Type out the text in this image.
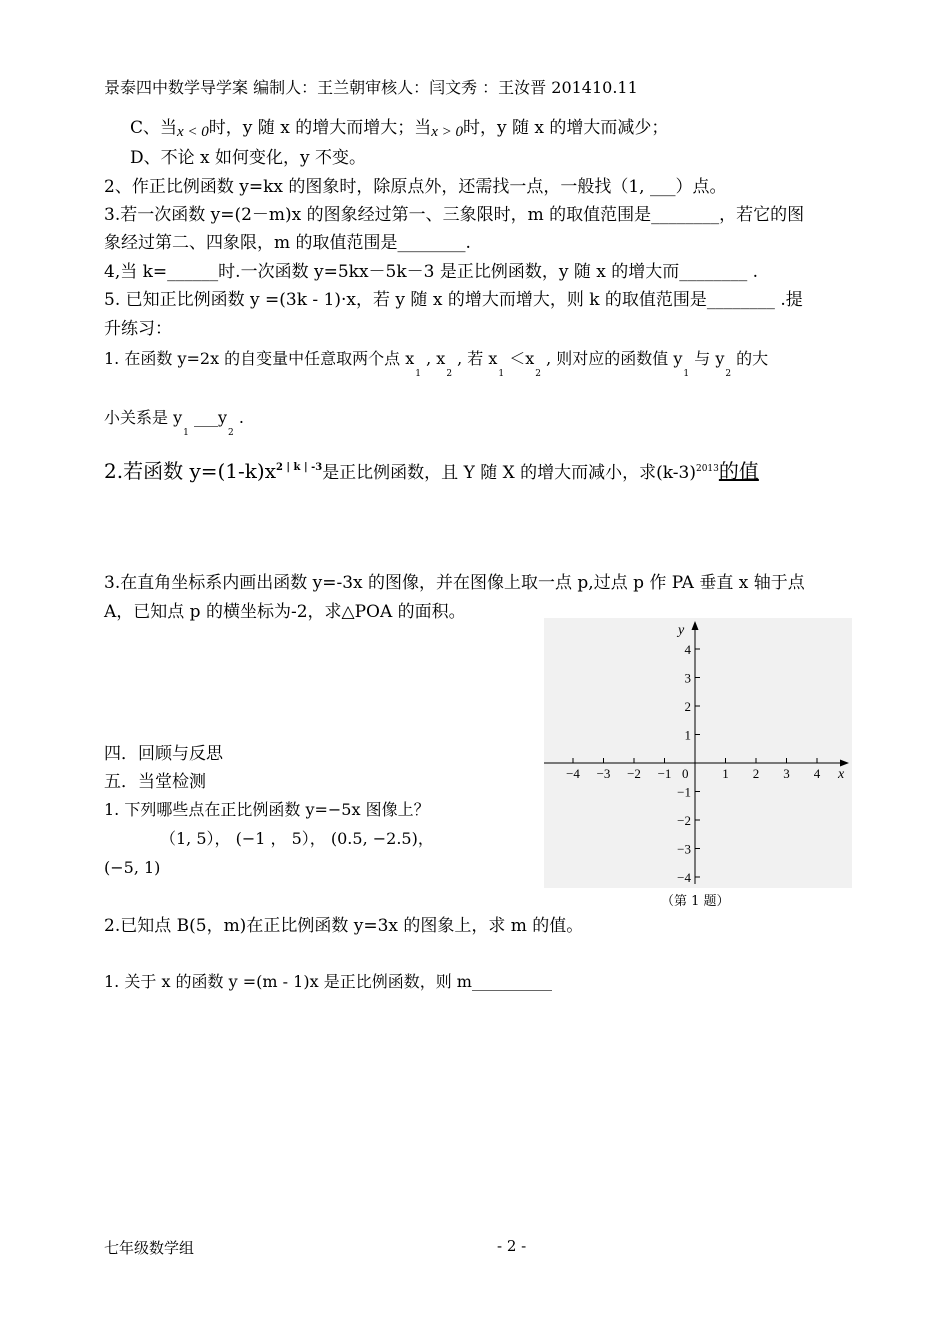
景泰四中数学导学案 编制人：王兰朝审核人：闫文秀 ：王汝晋 201410.11
C、当x < 0时，y 随 x 的增大而增大；当x > 0时，y 随 x 的增大而减少；
D、不论 x 如何变化，y 不变。
2、作正比例函数 y=kx 的图象时，除原点外，还需找一点，一般找（1, ___）点。
3.若一次函数 y=(2－m)x 的图象经过第一、三象限时，m 的取值范围是________，若它的图
象经过第二、四象限，m 的取值范围是________.
4,当 k=______时.一次函数 y=5kx－5k－3 是正比例函数，y 随 x 的增大而________ .
5. 已知正比例函数 y =(3k - 1)·x，若 y 随 x 的增大而增大，则 k 的取值范围是________ .提
升练习：
1. 在函数 y=2x 的自变量中任意取两个点 $x_1$ , $x_2$ , 若 $x_1 <x_2$ , 则对应的函数值 $y_1$ 与 $y_2$ 的大
小关系是 $y_1$ $\_\_\_y_2$ .
2.若函数 $y=(1-k)x^{2 | k | -3}$是正比例函数，且 Y 随 X 的增大而减小，求$(k-3)^{2013}$的值
3.在直角坐标系内画出函数 y=-3x 的图像，并在图像上取一点 p,过点 p 作 PA 垂直 x 轴于点
A，已知点 p 的横坐标为-2，求△POA 的面积。
四．回顾与反思
五．当堂检测
1. 下列哪些点在正比例函数 y=−5x 图像上？
（1, 5）， (−1 ， 5）， (0.5, −2.5)，
(−5, 1)
−4 −3 −2 −1	1 2 3 4
4
3
2
1
−1
−2
−3
−4
x
y
0
（第 1 题）
2.已知点 B(5，m)在正比例函数 y=3x 的图象上，求 m 的值。
1. 关于 x 的函数 y =(m - 1)x 是正比例函数，则 m__________
七年级数学组	- 2 -
